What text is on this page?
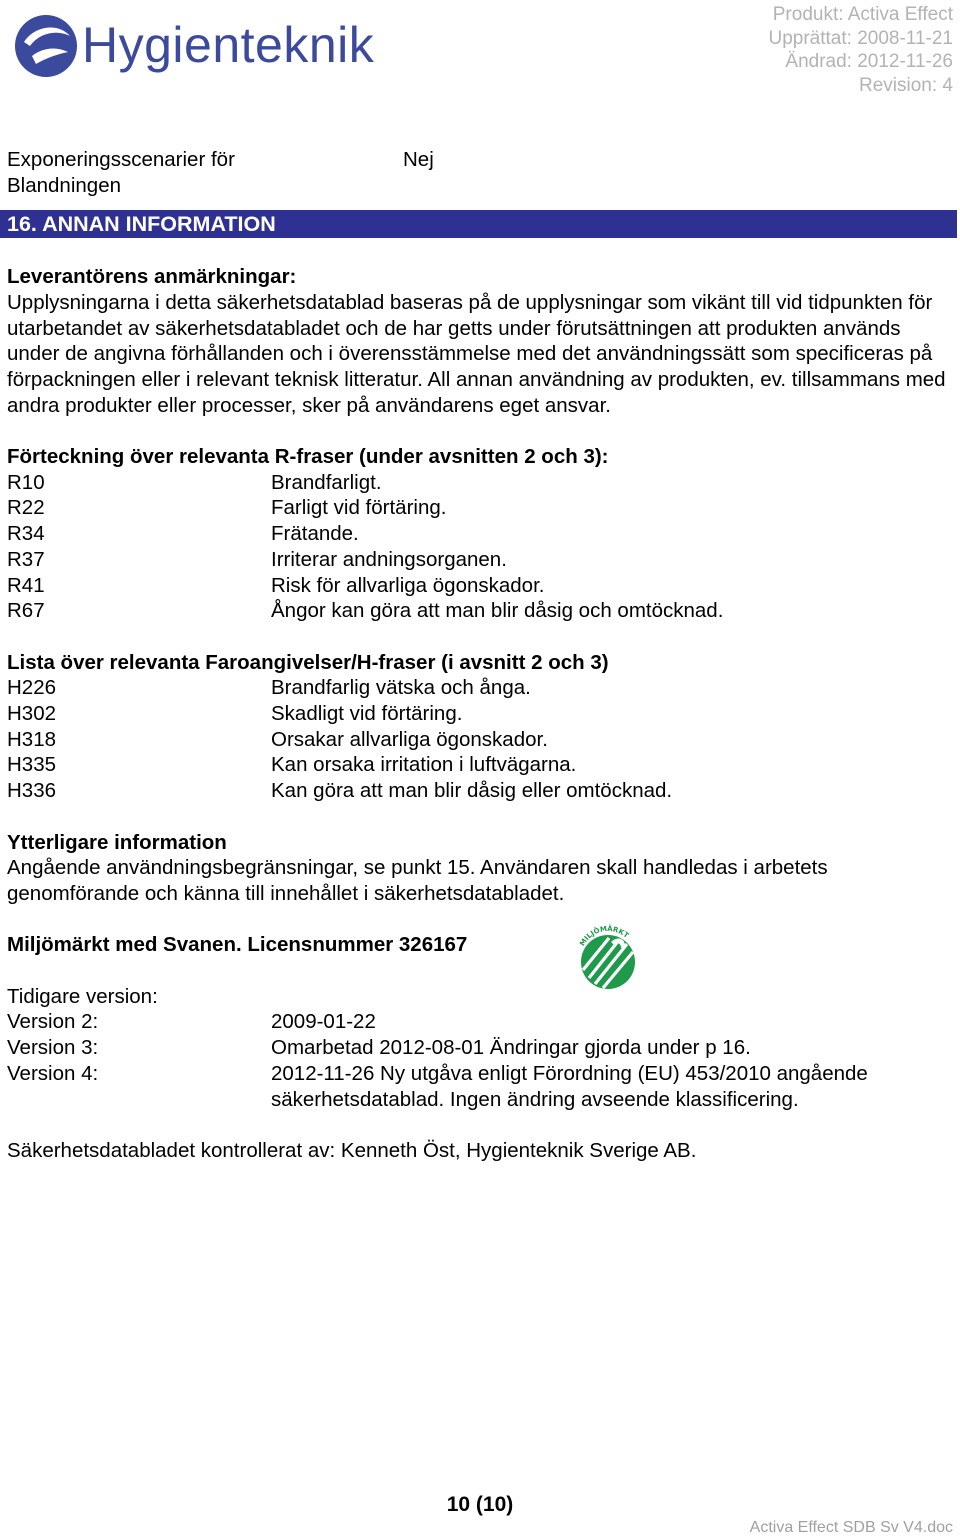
Hygienteknik
Produkt: Activa Effect
Upprättat: 2008-11-21
Ändrad: 2012-11-26
Revision: 4
Exponeringsscenarier för Blandningen
Nej
16. ANNAN INFORMATION
Leverantörens anmärkningar:
Upplysningarna i detta säkerhetsdatablad baseras på de upplysningar som vikänt till vid tidpunkten för utarbetandet av säkerhetsdatabladet och de har getts under förutsättningen att produkten används under de angivna förhållanden och i överensstämmelse med det användningssätt som specificeras på förpackningen eller i relevant teknisk litteratur. All annan användning av produkten, ev. tillsammans med andra produkter eller processer, sker på användarens eget ansvar.
Förteckning över relevanta R-fraser (under avsnitten 2 och 3):
R10	Brandfarligt.
R22	Farligt vid förtäring.
R34	Frätande.
R37	Irriterar andningsorganen.
R41	Risk för allvarliga ögonskador.
R67	Ångor kan göra att man blir dåsig och omtöcknad.
Lista över relevanta Faroangivelser/H-fraser (i avsnitt 2 och 3)
H226	Brandfarlig vätska och ånga.
H302	Skadligt vid förtäring.
H318	Orsakar allvarliga ögonskador.
H335	Kan orsaka irritation i luftvägarna.
H336	Kan göra att man blir dåsig eller omtöcknad.
Ytterligare information
Angående användningsbegränsningar, se punkt 15. Användaren skall handledas i arbetets genomförande och känna till innehållet i säkerhetsdatabladet.
Miljömärkt med Svanen. Licensnummer 326167	MILJÖMÄRKT
Tidigare version:
Version 2:	2009-01-22
Version 3:	Omarbetad 2012-08-01 Ändringar gjorda under p 16.
Version 4:	2012-11-26 Ny utgåva enligt Förordning (EU) 453/2010 angående säkerhetsdatablad. Ingen ändring avseende klassificering.
Säkerhetsdatabladet kontrollerat av: Kenneth Öst, Hygienteknik Sverige AB.
10 (10)
Activa Effect SDB Sv V4.doc
